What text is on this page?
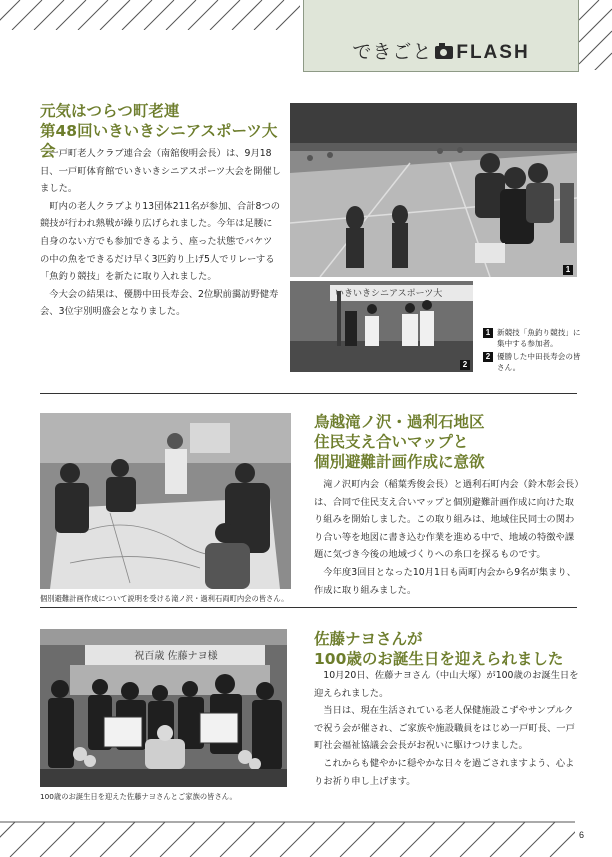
できごと FLASH
元気はつらつ町老連
第48回いきいきシニアスポーツ大会

一戸町老人クラブ連合会（南舘俊明会長）は、9月18日、一戸町体育館でいきいきシニアスポーツ大会を開催しました。

町内の老人クラブより13団体211名が参加、合計8つの競技が行われ熱戦が繰り広げられました。今年は足腰に自身のない方でも参加できるよう、座った状態でバケツの中の魚をできるだけ早く3匹釣り上げ5人でリレーする「魚釣り競技」を新たに取り入れました。

今大会の結果は、優勝中田長寿会、2位駅前靄訪野健寿会、3位宇別明盛会となりました。

1
いきいきシニアスポーツ大
2
1 新競技「魚釣り競技」に集中する参加者。
2 優勝した中田長寿会の皆さん。
個別避難計画作成について説明を受ける滝ノ沢・過利石両町内会の皆さん。
鳥越滝ノ沢・過利石地区
住民支え合いマップと
個別避難計画作成に意欲

滝ノ沢町内会（稲葉秀俊会長）と過利石町内会（鈴木彰会長）は、合同で住民支え合いマップと個別避難計画作成に向けた取り組みを開始しました。この取り組みは、地域住民同士の関わり合い等を地図に書き込む作業を進める中で、地域の特徴や課題に気づき今後の地域づくりへの糸口を探るものです。

今年度3回目となった10月1日も両町内会から9名が集まり、作成に取り組みました。

祝百歳 佐藤ナヨ様
100歳のお誕生日を迎えた佐藤ナヨさんとご家族の皆さん。
佐藤ナヨさんが
100歳のお誕生日を迎えられました

10月20日、佐藤ナヨさん（中山大塚）が100歳のお誕生日を迎えられました。

当日は、現在生活されている老人保健施設こずやサンプルクで祝う会が催され、ご家族や施設職員をはじめ一戸町長、一戸町社会福祉協議会会長がお祝いに駆けつけました。

これからも健やかに穏やかな日々を過ごされますよう、心よりお祈り申し上げます。

6
